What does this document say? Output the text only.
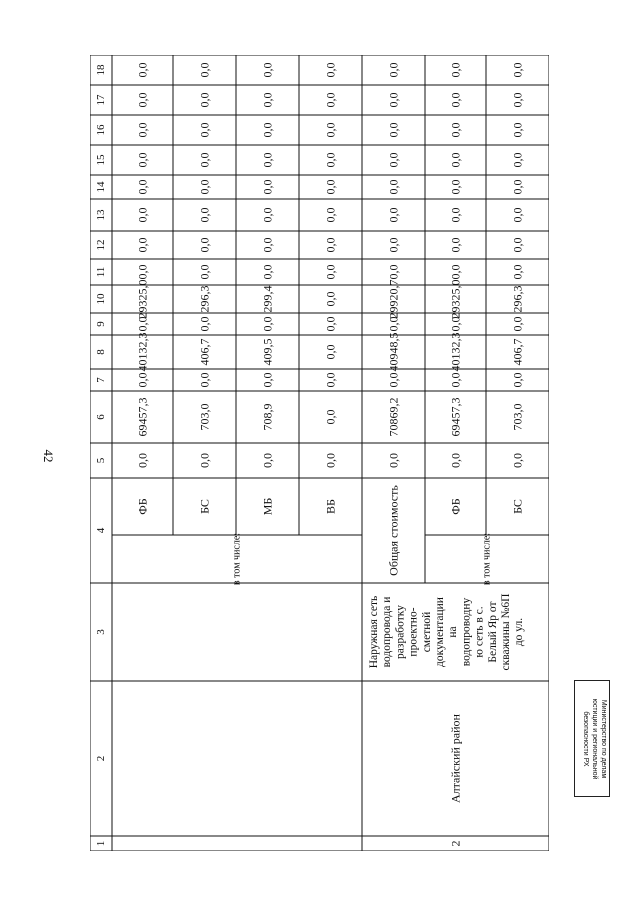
42
1
2
3
4
5
6
7
8
9
10
11
12
13
14
15
16
17
18
ФБ
0,0
69457,3
0,0
40132,3
0,0
29325,0
0,0
0,0
0,0
0,0
0,0
0,0
0,0
0,0
БС
0,0
703,0
0,0
406,7
0,0
296,3
0,0
0,0
0,0
0,0
0,0
0,0
0,0
0,0
МБ
0,0
708,9
0,0
409,5
0,0
299,4
0,0
0,0
0,0
0,0
0,0
0,0
0,0
0,0
ВБ
0,0
0,0
0,0
0,0
0,0
0,0
0,0
0,0
0,0
0,0
0,0
0,0
0,0
0,0
в том числе:
2
Алтайский район
Наружная сеть водопровода и разработку проектно- сметной документации на водопроводну ю сеть в с. Белый Яр от скважины №6П до ул.
Общая стоимость
0,0
70869,2
0,0
40948,5
0,0
29920,7
0,0
0,0
0,0
0,0
0,0
0,0
0,0
0,0
ФБ
0,0
69457,3
0,0
40132,3
0,0
29325,0
0,0
0,0
0,0
0,0
0,0
0,0
0,0
0,0
БС
0,0
703,0
0,0
406,7
0,0
296,3
0,0
0,0
0,0
0,0
0,0
0,0
0,0
0,0
в том числе:
Министерство по делам
юстиции и региональной
безопасности РХ
